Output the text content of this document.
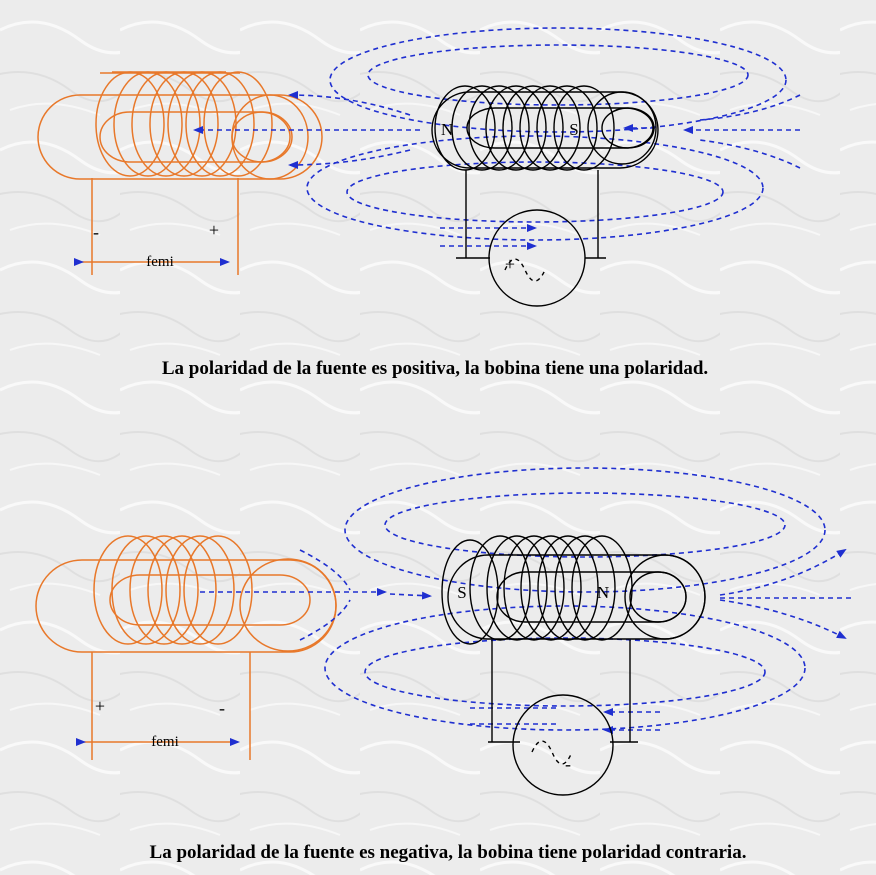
femi
-	+
N	S
+
La polaridad de la fuente es positiva, la bobina tiene una polaridad.
femi
+	-
S	N
-
La polaridad de la fuente es negativa, la bobina tiene polaridad contraria.
